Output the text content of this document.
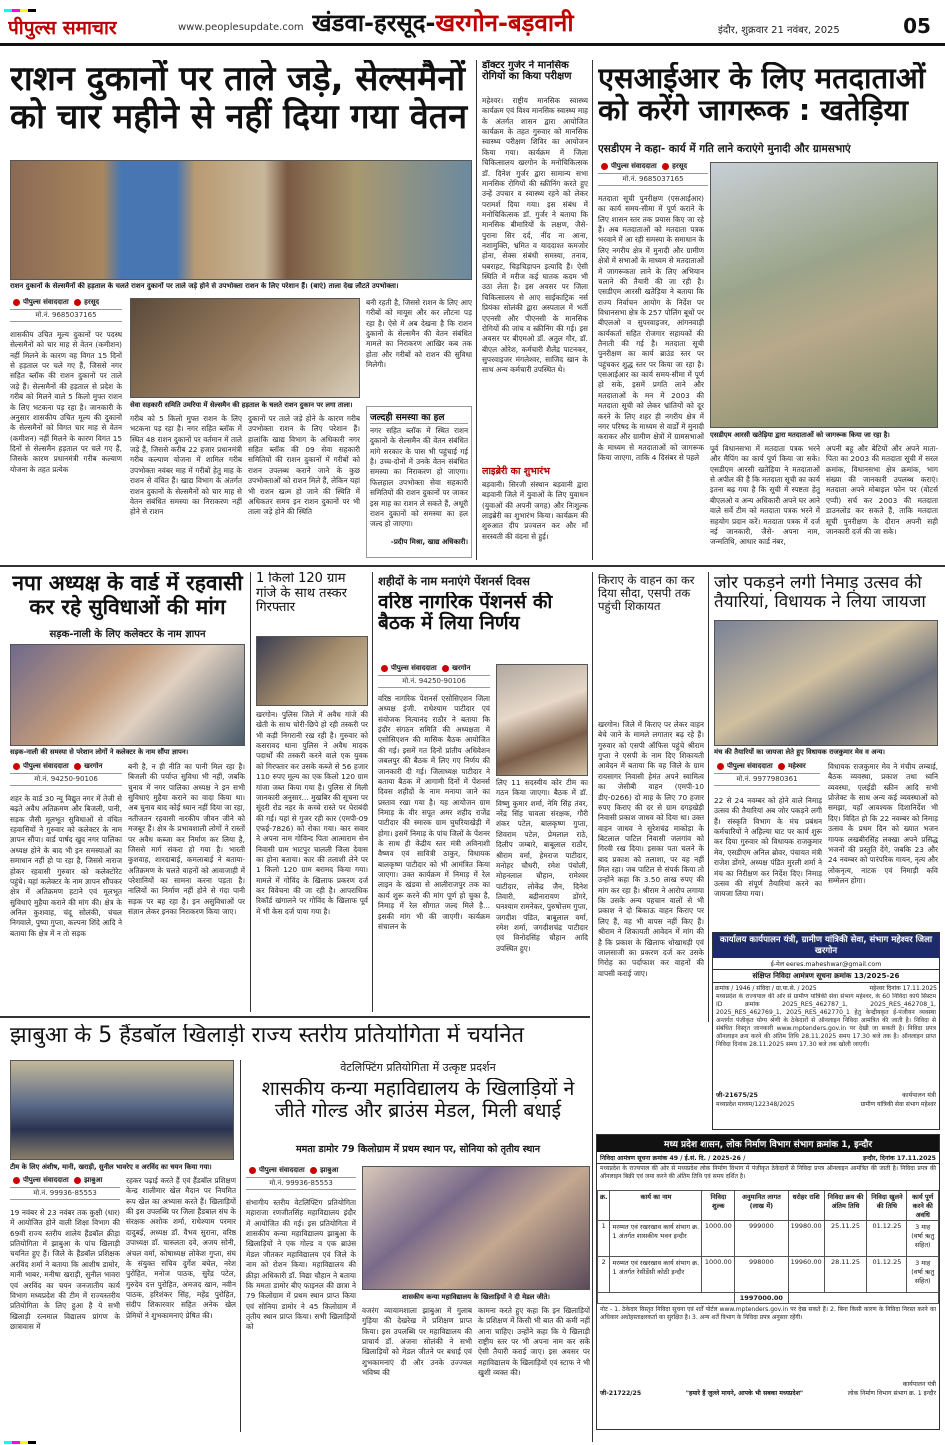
पीपुल्स समाचार	www.peoplesupdate.com खंडवा-हरसूद-खरगोन-बड़वानी	इंदौर, शुक्रवार 21 नवंबर, 2025	05
राशन दुकानों पर ताले जड़े, सेल्समैनों को चार महीने से नहीं दिया गया वेतन
राशन दुकानों के सेल्समैनों की हड़ताल के चलते राशन दुकानों पर ताले जड़े होने से उपभोक्ता राशन के लिए परेशान हैं। (बाएं) ताला देख लौटते उपभोक्ता।
पीपुल्स संवाददाता हरसूद
मो.नं. 9685037165
शासकीय उचित मूल्य दुकानों पर पदस्थ सेल्समैनों को चार माह से वेतन (कमीशन) नहीं मिलने के कारण वह विगत 15 दिनों से हड़ताल पर चले गए हैं, जिससे नगर सहित ब्लॉक की राशन दुकानों पर ताले जड़े हैं। सेल्समैनों की हड़ताल से प्रदेश के गरीब को मिलने वाले 5 किलो मुफ्त राशन के लिए भटकना पड़ रहा है। जानकारी के अनुसार शासकीय उचित मूल्य की दुकानों के सेल्समैनों को विगत चार माह से वेतन (कमीशन) नहीं मिलने के कारण विगत 15 दिनों से सेल्समैन हड़ताल पर चले गए हैं, जिसके कारण प्रधानमंत्री गरीब कल्याण योजना के तहत प्रत्येक
सेवा सहकारी समिति उमरिया में सेल्समैन की हड़ताल के चलते राशन दुकान पर लगा ताला।
गरीब को 5 किलो मुफ्त राशन के लिए भटकना पड़ रहा है। नगर सहित ब्लॉक में स्थित 48 राशन दुकानों पर वर्तमान में ताले जड़े हैं, जिससे करीब 22 हजार प्रधानमंत्री गरीब कल्याण योजना में शामिल गरीब उपभोक्ता नवंबर माह में गरीबों हेतु माह के राशन से वंचित हैं। खाद्य विभाग के अंतर्गत राशन दुकानों के सेल्समैनों को चार माह से वेतन संबंधित समस्या का निराकरण नहीं होने से राशन
दुकानों पर ताले जड़े होने के कारण गरीब उपभोक्ता राशन के लिए परेशान हैं। हालांकि खाद्य विभाग के अधिकारी नगर सहित ब्लॉक की 09 सेवा सहकारी समितियों की राशन दुकानों में गरीबों को राशन उपलब्ध कराने जाने के कुछ उपभोक्ताओं को राशन मिले हैं, लेकिन यहां भी राशन खत्म हो जाने की स्थिति में अधिकतर समय इन राशन दुकानों पर भी ताला जड़े होने की स्थिति
बनी रहती है, जिससे राशन के लिए आए गरीबों को मायूस और कर लौटना पड़ रहा है। ऐसे में अब देखना है कि राशन दुकानों के सेल्समैन की वेतन संबंधित मामले का निराकरण आखिर कब तक होता और गरीबों को राशन की सुविधा मिलेगी।
जल्दही समस्या का हल
नगर सहित ब्लॉक में स्थित राशन दुकानों के सेल्समैन की वेतन संबंधित मांगे सरकार के पास भी पहुंचाई गई है। उच्च-दोनों में उनके वेतन संबंधित समस्या का निराकरण हो जाएगा। फिलहाल उपभोक्ता सेवा सहकारी समितियों की राशन दुकानों पर जाकर इस माह का राशन ले सकते हैं, अधूरी राशन दुकानों को समस्या का हल जल्द हो जाएगा।
-प्रदीप मिश्रा, खाद्य अधिकारी।
डॉक्टर गुर्जर ने मानसिक रोगियों का किया परीक्षण
महेश्वर। राष्ट्रीय मानसिक स्वास्थ्य कार्यक्रम एवं विश्व मानसिक स्वास्थ्य माह के अंतर्गत शासन द्वारा आयोजित कार्यक्रम के तहत गुरुवार को मानसिक स्वास्थ्य परीक्षण शिविर का आयोजन किया गया। कार्यक्रम में जिला चिकित्सालय खरगोन के मनोचिकित्सक डॉ. दिनेश गुर्जर द्वारा सामान्य सभा मानसिक रोगियों की स्क्रीनिंग करते हुए उन्हें उपचार व स्वास्थ्य रहने को लेकर परामर्श दिया गया। इस संबंध में मनोचिकित्सक डॉ. गुर्जर ने बताया कि मानसिक बीमारियों के लक्षण, जैसे- पुराना सिर दर्द, नींद ना आना, नशामुक्ति, भ्रमित व याददाश्त कमजोर होना, सेक्स संबंधी समस्या, तनाव, घबराहट, चिड़चिड़ापन इत्यादि हैं। ऐसी स्थिति में मरीज कई घातक कदम भी उठा लेता है। इस अवसर पर जिला चिकित्सालय से आए साईकाट्रिक नर्स प्रियंका सोलंकी द्वारा अस्पताल में भर्ती एएनसी और पीएनसी के मानसिक रोगियों की जांच व स्क्रीनिंग की गई। इस अवसर पर बीएमओ डॉ. अतुल गौर, डॉ. बीएल ओरेश, कर्मचारी शैलेंद्र पाटनकर, सुपरवाइजर मंगलेश्वर, साजिद खान के साथ अन्य कर्मचारी उपस्थित थे।
लाइब्रेरी का शुभारंभ
बड़वानी। सिरजी संस्थान बड़वानी द्वारा बड़वानी जिले में युवाओं के लिए युवाधन (युवाओं की अपनी जगह) और निःशुल्क लाइब्रेरी का शुभारंभ किया। कार्यक्रम की शुरुआत दीप प्रज्वलन कर और माँ सरस्वती की वंदना से हुई।
एसआईआर के लिए मतदाताओं को करेंगे जागरूक : खतेड़िया
एसडीएम ने कहा- कार्य में गति लाने कराएंगे मुनादी और ग्रामसभाएं
पीपुल्स संवाददाता हरसूद
मो.नं. 9685037165
मतदाता सूची पुनरीक्षण (एसआईआर) का कार्य समय-सीमा में पूर्ण कराने के लिए शासन स्तर तक प्रयास किए जा रहे हैं। अब मतदाताओं को मतदाता पत्रक भरवाने में आ रही समस्या के समाधान के लिए नगरीय क्षेत्र में मुनादी और ग्रामीण क्षेत्रों में सभाओं के माध्यम से मतदाताओं में जागरूकता लाने के लिए अभियान चलाने की तैयारी की जा रही है। एसडीएम आरसी खतेड़िया ने बताया कि राज्य निर्वाचन आयोग के निर्देश पर विधानसभा क्षेत्र के 257 पोलिंग बूथों पर बीएलओ व सुपरवाइजर, आंगनवाड़ी कार्यकर्ता सहित रोजगार सहायकों की तैनाती की गई है। मतदाता सूची पुनरीक्षण का कार्य ब्राउंड स्तर पर पहुंचकर शुद्ध स्तर पर किया जा रहा है। एसआईआर का कार्य समय-सीमा में पूर्ण हो सके, इसमें प्रगति लाने और मतदाताओं के मन में 2003 की मतदाता सूची को लेकर भ्रांतियों को दूर करने के लिए शहर ही नगरीय क्षेत्र में नगर परिषद के माध्यम से वार्डों में मुनादी कराकर और ग्रामीण क्षेत्रों में ग्रामसभाओं के माध्यम से मतदाताओं को जागरूक किया जाएगा, ताकि 4 दिसंबर से पहले
एसडीएम आरसी खतेड़िया द्वारा मतदाताओं को जागरूक किया जा रहा है।
पूर्व विधानसभा में मतदाता पत्रक भरने और मैपिंग का कार्य पूर्ण किया जा सके। एसडीएम आरसी खतेड़िया ने मतदाताओं से अपील की है कि मतदाता सूची का कार्य इतना बढ़ गया है कि सूची में स्पष्टता हेतु बीएलओ व अन्य अधिकारी अपने घर आने वाले सर्वे टीम को मतदाता पत्रक भरने में सहयोग प्रदान करें। मतदाता पत्रक में दर्ज नई जानकारी, जैसे- अपना नाम, जन्मतिथि, आधार कार्ड नंबर,
अपनी बहू और बेटियों और अपने माता-पिता का 2003 की मतदाता सूची में सरल क्रमांक, विधानसभा क्षेत्र क्रमांक, भाग संख्या की जानकारी उपलब्ध कराएं। मतदाता अपने मोबाइल फोन पर (वोटर्स एप्पी) सर्च कर 2003 की मतदाता डाउनलोड कर सकते हैं, ताकि मतदाता सूची पुनरीक्षण के दौरान अपनी सही जानकारी दर्ज की जा सके।
नपा अध्यक्ष के वार्ड में रहवासी कर रहे सुविधाओं की मांग
सड़क-नाली के लिए कलेक्टर के नाम ज्ञापन
सड़क-नाली की समस्या से परेशान लोगों ने कलेक्टर के नाम सौंपा ज्ञापन।
पीपुल्स संवाददाता खरगोन
मो.नं. 94250-90106
शहर के वार्ड 30 न्यू विद्युत नगर में तेजी से बढ़ते अवैध अतिक्रमण और बिजली, पानी, सड़क जैसी मूलभूत सुविधाओं से वंचित रहवासियों ने गुरुवार को कलेक्टर के नाम ज्ञापन सौंपा। वार्ड पार्षद खुद नगर पालिका अध्यक्ष होने के बाद भी इन समस्याओं का समाधान नहीं हो पा रहा है, जिससे नाराज होकर रहवासी गुरुवार को कलेक्टोरेट पहुंचे। यहां कलेक्टर के नाम ज्ञापन सौंपकर क्षेत्र में अतिक्रमण हटाने एवं मूलभूत सुविधाएं मुहैया कराने की मांग की। क्षेत्र के अनिल कुशवाह, चंदू सोलंकी, चंचल निगवाले, पुष्पा गुप्ता, कल्पना शिंदे आदि ने बताया कि क्षेत्र में न तो सड़क
बनी है, न ही नीति का पानी मिल रहा है। बिजली की पर्याप्त सुविधा भी नहीं, जबकि चुनाव में नगर पालिका अध्यक्ष ने इन सभी सुविधाएं मुहैया कराने का वादा किया था। अब चुनाव बाद कोई ध्यान नहीं दिया जा रहा, नतीजतन रहवासी नारकीय जीवन जीने को मजबूर हैं। क्षेत्र के प्रभावशाली लोगों ने रास्तों पर अवैध कब्जा कर निर्माण कर लिया है, जिससे मार्ग संकरा हो गया है। भारती कुशवाह, शारदाबाई, कमलाबाई ने बताया- अतिक्रमण के चलते वाहनों को आवाजाही में परेशानियों का सामना करना पड़ता है। नालियों का निर्माण नहीं होने से गंदा पानी सड़क पर बह रहा है। इन असुविधाओं पर संज्ञान लेकर इनका निराकरण किया जाए।
1 किलो 120 ग्राम गांजे के साथ तस्कर गिरफ्तार
खरगोन। पुलिस जिले में अवैध गांजे की खेती के साथ चोरी-छिपे हो रही तस्करी पर भी कड़ी निगरानी रख रही है। गुरुवार को कसरावद थाना पुलिस ने अवैध मादक पदार्थों की तस्करी करने वाले एक युवक को गिरफ्तार कर उसके कब्जे से 56 हजार 110 रुपए मूल्य का एक किलो 120 ग्राम गांजा जब्त किया गया है। पुलिस से मिली जानकारी अनुसार... मुखबिर की सूचना पर सूंदरी रोड नहर के कच्चे रास्ते पर घेराबंदी की गई। यहां से गुजर रही कार (एमपी-09 एफई-7826) को रोका गया। कार सवार ने अपना नाम गोविन्द पिता आत्माराम सेन निवासी ग्राम भाटपुर चालली जिला देवास का होना बताया। कार की तलाशी लेने पर 1 किलो 120 ग्राम बरामद किया गया। मामले में गोविंद के खिलाफ प्रकरण दर्ज कर विवेचना की जा रही है। आपराधिक रिकॉर्ड खंगालने पर गोविंद के खिलाफ पूर्व में भी केस दर्ज पाया गया है।
शहीदों के नाम मनाएंगे पेंशनर्स दिवस
वरिष्ठ नागरिक पेंशनर्स की बैठक में लिया निर्णय
पीपुल्स संवाददाता खरगोन
मो.नं. 94250-90106
वरिष्ठ नागरिक पेंशनर्स एसोसिएशन जिला अध्यक्ष इंजी. राधेश्याम पाटीदार एवं संयोजक नित्यानंद राठौर ने बताया कि इंदौर संगठन समिति की अध्यक्षता में एसोसिएशन की मासिक बैठक आयोजित की गई। इसमें गत दिनों प्रांतीय अधिवेशन जबलपुर की बैठक में लिए गए निर्णय की जानकारी दी गई। जिलाध्यक्ष पाटीदार ने बताया बैठक में आगामी दिनों में पेंशनर्स दिवस शहीदों के नाम मनाया जाने का प्रस्ताव रखा गया है। यह आयोजन ग्राम निमाड़ के वीर सपूत अमर शहीद राजेंद्र पाटीदार की स्मारक ग्राम घुघरियाखेड़ी में होगा। इसमें निमाड़ के पांच जिलों के पेंशनर के साथ ही केंद्रीय स्तर मंत्री अविनाशी वैष्णव एवं सावित्री ठाकुर, विधायक बालकृष्ण पाटीदार को भी आमंत्रित किया जाएगा। उक्त कार्यक्रम में निमाड़ में रेल लाइन के खंडवा से आलीराजपुर तक का कार्य शुरू करने की मांग पूर्ण हो चुका है, निमाड़ में रेल सौगात जल्द मिले है... इसकी मांग भी की जाएगी। कार्यक्रम संचालन के
लिए 11 सदस्यीय कोर टीम का गठन किया जाएगा। बैठक में डॉ. विष्णु कुमार शर्मा, नेमि सिंह तंवर, नरेंद्र सिंह चावला संरक्षक, गौरी शंकर पटेल, बालकृष्ण गुप्ता, शिवराम पटेल, प्रेमलाल राठे, दिलीप जम्बारे, बाबूलाल राठौर, श्रीराम वर्मा, हेमराज पाटीदार, मनोहर चौधरी, रमेश पंचोली, मोहनलाल चौहान, रामेश्वर पाटीदार, लोकेंद्र जैन, दिनेश तिवारी, बद्रीनारायण डोंगरे, घनश्याम रामनेकर, पुरुषोत्तम गुप्ता, जगदीश पंडित, बाबूलाल वर्मा, रमेश शर्मा, जगदीशचंद्र पाटीदार एवं विनोदसिंह चौहान आदि उपस्थित हुए।
किराए के वाहन का कर दिया सौदा, एसपी तक पहुंची शिकायत
खरगोन। जिले में किराए पर लेकर वाहन बेचे जाने के मामले लगातार बढ़ रहे हैं। गुरुवार को एसपी ऑफिस पहुंचे श्रीराम गुप्ता ने एसपी के नाम दिए शिकायती आवेदन में बताया कि वह जिले के ग्राम रायसागर निवासी हेमंत अपने स्वामित्व का जेसीबी वाहन (एमपी-10 डीए-0266) दो माह के लिए 70 हजार रुपए किराए की दर से ग्राम दगड़खेड़ी निवासी प्रकाश जाधव को दिया था। उक्त वाहन जाधव ने सुरेशचंद्र माकोड़ा के बिटलाल पाटिल निवासी जलगांव को गिरवी रख दिया। इसका पता चलने के बाद प्रकाश को तलाशा, पर वह नहीं मिल रहा। जब पाटिल से संपर्क किया तो उन्होंने कहा कि 3.50 लाख रुपए की मांग कर रहा है। श्रीराम ने आरोप लगाया कि उसके अन्य पहचान वालों से भी प्रकाश ने दो बिकाऊ वाहन किराए पर लिए हैं, वह भी वापस नहीं किए हैं। श्रीराम ने शिकायती आवेदन में मांग की है कि प्रकाश के खिलाफ धोखाधड़ी एवं जालसाजी का प्रकरण दर्ज कर उसके गिरोह का पर्दाफाश कर वाहनों की वापसी कराई जाए।
जोर पकड़ने लगी निमाड़ उत्सव की तैयारियां, विधायक ने लिया जायजा
मंच की तैयारियों का जायजा लेते हुए विधायक राजकुमार मेव व अन्य।
पीपुल्स संवाददाता महेश्वर
मो.नं. 9977980361
22 से 24 नवम्बर को होने वाले निमाड़ उत्सव की तैयारियां अब जोर पकड़ने लगी हैं। संस्कृति विभाग के मंच प्रबंधन कर्मचारियों ने अहिल्या घाट पर कार्य शुरू कर दिया गुरुवार को विधायक राजकुमार मेव, एसडीएम अनिल ब्रोवर, पंचायत मंत्री राजेश डोंगरे, अध्यक्ष पंडित मुरली शर्मा ने मंच का निरीक्षण कर निर्देश दिए। निमाड़ उत्सव की संपूर्ण तैयारियां करने का जायजा लिया गया।
विधायक राजकुमार मेव ने मंचीय लम्बाई, बैठक व्यवस्था, प्रकाश तथा ध्वनि व्यवस्था, एलईडी स्क्रीन आदि सभी प्रोजेक्ट के साथ अन्य कई व्यवस्थाओं को समझा, यहाँ आवश्यक दिशानिर्देश भी दिए। विदित हो कि 22 नवम्बर को निमाड़ उत्सव के प्रथम दिन को ख्यात भजन गायक लखबीरसिंह लक्खा अपने प्रसिद्ध भजनों की प्रस्तुति देंगे, जबकि 23 और 24 नवम्बर को पारंपरिक गायन, नृत्य और लोकनृत्य, नाटक एवं निमाड़ी कवि सम्मेलन होगा।
कार्यालय कार्यपालन यंत्री, ग्रामीण यांत्रिकी सेवा, संभाग महेश्वर जिला खरगोन
ई-मेल eeres.maheshwar@gmail.com
संक्षिप्त निविदा आमंत्रण सूचना क्रमांक 13/2025-26
क्रमांक / 1946 / संविदा / ग्रा.या.से. / 2025	महेश्वर दिनांक 17.11.2025
मध्यप्रदेश के राज्यपाल की ओर से ग्रामीण यांत्रिकी सेवा संभाग महेश्वर, के 60 निविदा कार्य सिस्टम ID क्रमांक 2025_RES_462787_1, 2025_RES_462708_1, 2025_RES_462769_1, 2025_RES_462770_1 हेतु केन्द्रीयकृत ई-पंजीयन व्यवस्था अन्तर्गत पंजीकृत योग्य श्रेणी के ठेकेदारों से ऑनलाइन निविदा आमंत्रित की जाती है। निविदा से संबंधित विस्तृत जानकारी www.mptenders.gov.in पर देखी जा सकती है। निविदा प्रपत्र ऑनलाइन क्रय करने की अंतिम तिथि 28.11.2025 समय 17.30 बजे तक है। ऑनलाइन प्राप्त निविदा दिनांक 28.11.2025 समय 17.30 बजे तक खोली जाएगी।
जी-21675/25	कार्यपालन यंत्री
मध्यप्रदेश माध्यम/122348/2025	ग्रामीण यांत्रिकी सेवा संभाग महेश्वर
झाबुआ के 5 हैंडबॉल खिलाड़ी राज्य स्तरीय प्रतियोगिता में चयनित
टीम के लिए अंशीष, मानी, खराड़ी, सुनील भावरेए व अरविंद का चयन किया गया।
पीपुल्स संवाददाता झाबुआ
मो.नं. 99936-85553
19 नवंबर से 23 नवंबर तक कुक्षी (धार) में आयोजित होने वाली शिक्षा विभाग की 69वीं राज्य स्तरीय शालेय हैंडबॉल क्रीड़ा प्रतियोगिता में झाबुआ के पांच खिलाड़ी चयनित हुए हैं। जिले के हैंडबॉल प्रशिक्षक अरविंद शर्मा ने बताया कि आशीष डामोर, मानी भाबर, मनीषा खराड़ी, सुनील भावरा एवं अरविंद का चयन जनजातीय कार्य विभाग मध्यप्रदेश की टीम में राज्यस्तरीय प्रतियोगिता के लिए हुआ है ये सभी खिलाड़ी रत्नमाल विद्यालय प्रांगण के छात्रावास में
रहकर पढ़ाई करते हैं एवं हैंडबॉल प्रशिक्षण केन्द्र शालीमार खेल मैदान पर नियमित रूप खेल का अभ्यास करते हैं। खिलाड़ियों की इस उपलब्धि पर जिला हैंडबाल संघ के संरक्षक अशोक शर्मा, राधेश्याम परमार दादुबई, अध्यक्ष डॉ. वैभव सुराना, वरिष्ठ उपाध्यक्ष डॉ. चारुलता दवे, अजय सोनी, अंचल वर्मा, कोषाध्यक्ष लोकेश गुप्ता, संघ के संयुक्त सचिव दुर्गेश बघेल, नरेश पुरोहित, मनोज पाठक, सुरेंद्र पटेल, गुरुदेव दत्त पुरोहित, अमजद खान, नवीन पाठक, हरिशंकर सिंह, महेंद्र पुरोहित, संदीप शिकारवार सहित अनेक खेल प्रेमियों ने शुभकामनाएं प्रेषित की।
वेटलिफ्टिंग प्रतियोगिता में उत्कृष्ट प्रदर्शन
शासकीय कन्या महाविद्यालय के खिलाड़ियों ने जीते गोल्ड और ब्राउंस मेडल, मिली बधाई
ममता डामोर 79 किलोग्राम में प्रथम स्थान पर, सोनिया को तृतीय स्थान
पीपुल्स संवाददाता झाबुआ
मो.नं. 99936-85553
संभागीय स्तरीय वेटलिफ्टिंग प्रतियोगिता महाराजा रणजीतसिंह महाविद्यालय इंदौर में आयोजित की गई। इस प्रतियोगिता में शासकीय कन्या महाविद्यालय झाबुआ के खिलाड़ियों ने एक गोल्ड व एक ब्राउंस मेडल जीतकर महाविद्यालय एवं जिले के नाम को रोशन किया। महाविद्यालय की क्रीड़ा अधिकारी डॉ. विद्या चौहान ने बताया कि ममता डामोर बीए फाइनल की छात्रा ने 79 किलोग्राम में प्रथम स्थान प्राप्त किया एवं सोनिया डामोर ने 45 किलोग्राम में तृतीय स्थान प्राप्त किया। सभी खिलाड़ियों को
शासकीय कन्या महाविद्यालय के खिलाड़ियों ने दी मेडल जीते।
वजरंग व्यायामशाला झाबुआ में गुलाब गुड़िया की देखरेख में प्रशिक्षण प्राप्त किया। इस उपलब्धि पर महाविद्यालय की प्राचार्य डॉ. अंजना सोलंकी ने सभी खिलाड़ियों को मेडल जीतने पर बधाई एवं शुभकामनाएं दी और उनके उज्ज्वल भविष्य की
कामना करते हुए कहा कि इन खिलाड़ियों के प्रशिक्षण में किसी भी बात की कमी नहीं आना चाहिए। उन्होंने कहा कि ये खिलाड़ी राष्ट्रीय स्तर पर भी अपना नाम कर सकें ऐसी तैयारी कराई जाए। इस अवसर पर महाविद्यालय के खिलाड़ियों एवं स्टाफ ने भी खुशी व्यक्त की।
मध्य प्रदेश शासन, लोक निर्माण विभाग संभाग क्रमांक 1, इन्दौर
निविदा आमंत्रण सूचना क्रमांक 49 / ई.सं. दि. / 2025-26 /	इन्दौर, दिनांक 17.11.2025
मध्यप्रदेश के राज्यपाल की ओर से मध्यप्रदेश लोक निर्माण विभाग में पंजीकृत ठेकेदारों से निविदा प्रपत्र ऑनलाइन आमंत्रित की जाती है। निविदा प्रपत्र की ऑनलाइन बिक्री एवं जमा करने की अंतिम तिथि एवं समय दर्शित है।
क्र.	कार्य का नाम	निविदा शुल्क	अनुमानित लागत (लाख में)	धरोहर राशि	निविदा क्रय की अंतिम तिथि	निविदा खुलने की तिथि	कार्य पूर्ण करने की अवधि
1	मरम्मत एवं रखरखाव कार्य संभाग क्र. 1 अंतर्गत शासकीय भवन इन्दौर	1000.00	999000	19980.00	25.11.25	01.12.25	3 माह (वर्षा ऋतु सहित)
2	मरम्मत एवं रखरखाव कार्य संभाग क्र. 1 अंतर्गत रेसीडेंसी कोठी इन्दौर	1000.00	998000	19960.00	28.11.25	01.12.25	3 माह (वर्षा ऋतु सहित)
			1997000.00				
नोट - 1. ठेकेदार विस्तृत निविदा सूचना एवं शर्तें पोर्टल www.mptenders.gov.in पर देख सकते हैं। 2. बिना किसी कारण के निविदा निरस्त करने का अधिकार अधोहस्ताक्षरकर्ता का सुरक्षित है। 3. अन्य शर्तें विभाग के निविदा प्रपत्र अनुसार रहेंगी।
जी-21722/25	"हमारे हैं जुल्ले मायने, आपके भी सबका मध्यप्रदेश"
कार्यपालन यंत्री
लोक निर्माण विभाग संभाग क्र. 1 इन्दौर
